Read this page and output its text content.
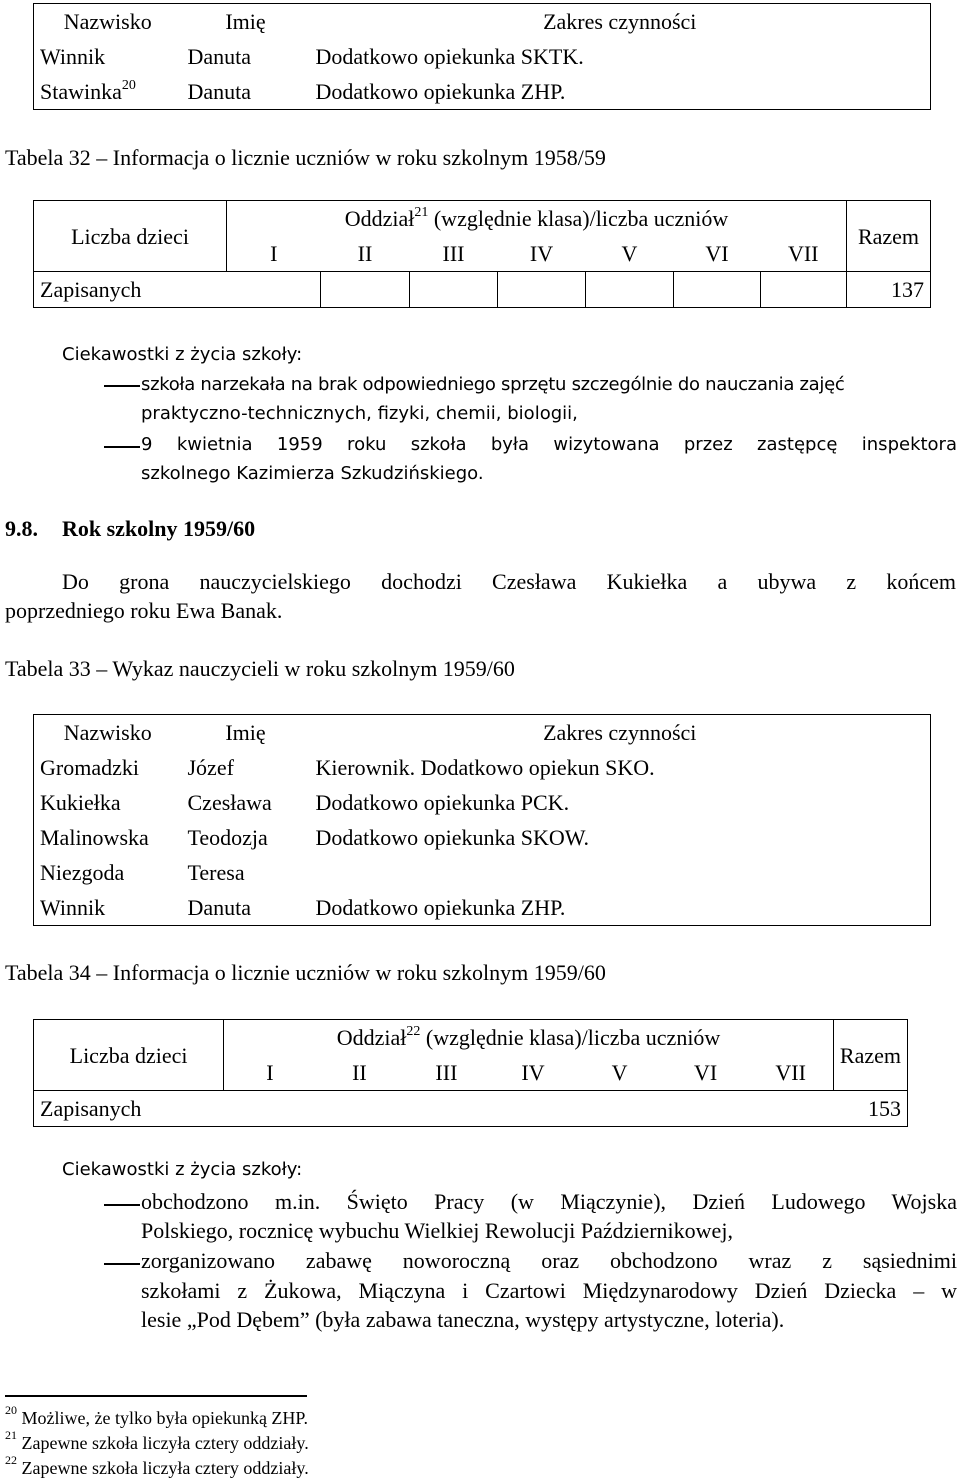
Nazwisko	Imię	Zakres czynności
Winnik	Danuta	Dodatkowo opiekunka SKTK.
Stawinka$^{20}$	Danuta	Dodatkowo opiekunka ZHP.
Tabela 32 – Informacja o licznie uczniów w roku szkolnym 1958/59
Liczba dzieci	Oddział$^{21}$ (względnie klasa)/liczba uczniów							Razem
	I	II	III	IV	V	VI	VII	
Zapisanych								137
Ciekawostki z życia szkoły:
szkoła narzekała na brak odpowiedniego sprzętu szczególnie do nauczania zajęć
praktyczno-technicznych, fizyki, chemii, biologii,
9 kwietnia 1959 roku szkoła była wizytowana przez zastępcę inspektora
szkolnego Kazimierza Szkudzińskiego.
9.8. Rok szkolny 1959/60
Do grona nauczycielskiego dochodzi Czesława Kukiełka a ubywa z końcem
poprzedniego roku Ewa Banak.
Tabela 33 – Wykaz nauczycieli w roku szkolnym 1959/60
Nazwisko	Imię	Zakres czynności
Gromadzki	Józef	Kierownik. Dodatkowo opiekun SKO.
Kukiełka	Czesława	Dodatkowo opiekunka PCK.
Malinowska	Teodozja	Dodatkowo opiekunka SKOW.
Niezgoda	Teresa	
Winnik	Danuta	Dodatkowo opiekunka ZHP.
Tabela 34 – Informacja o licznie uczniów w roku szkolnym 1959/60
Liczba dzieci	Oddział$^{22}$ (względnie klasa)/liczba uczniów							Razem
	I	II	III	IV	V	VI	VII	
Zapisanych								153
Ciekawostki z życia szkoły:
obchodzono m.in. Święto Pracy (w Miączynie), Dzień Ludowego Wojska
Polskiego, rocznicę wybuchu Wielkiej Rewolucji Październikowej,
zorganizowano zabawę noworoczną oraz obchodzono wraz z sąsiednimi
szkołami z Żukowa, Miączyna i Czartowi Międzynarodowy Dzień Dziecka – w
lesie „Pod Dębem” (była zabawa taneczna, występy artystyczne, loteria).
$^{20}$ Możliwe, że tylko była opiekunką ZHP.
$^{21}$ Zapewne szkoła liczyła cztery oddziały.
$^{22}$ Zapewne szkoła liczyła cztery oddziały.
